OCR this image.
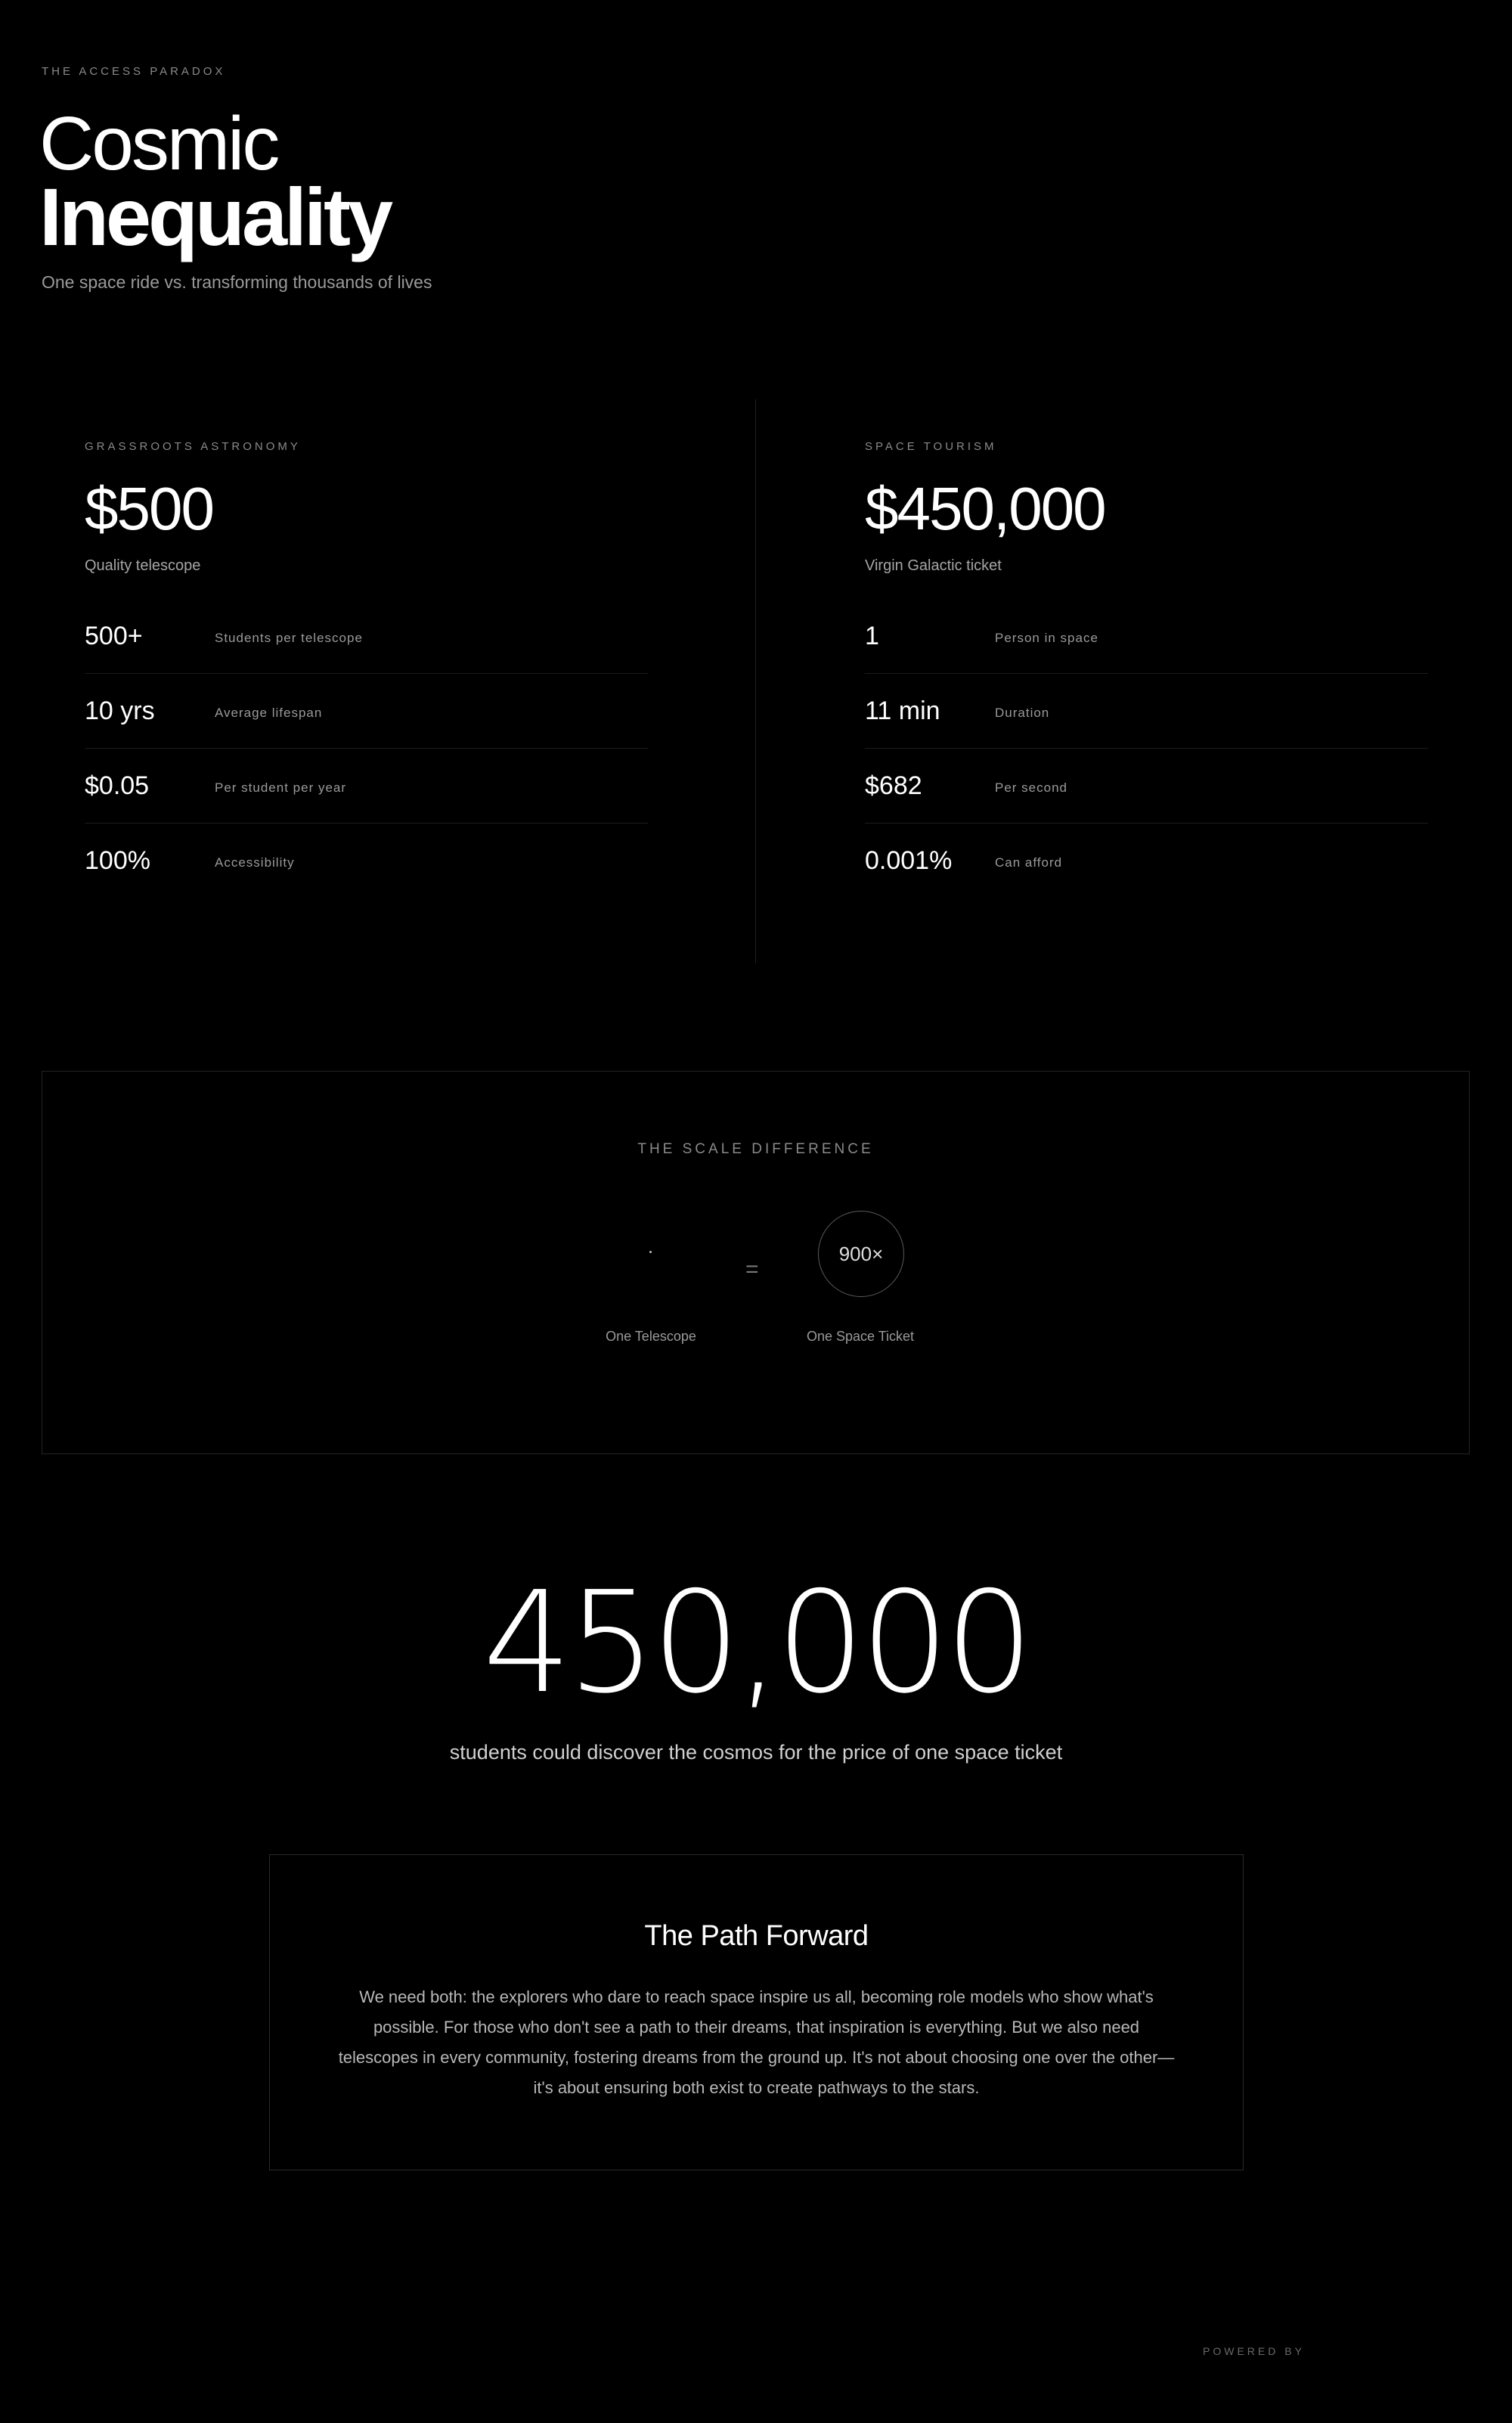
THE ACCESS PARADOX
Cosmic
Inequality
One space ride vs. transforming thousands of lives
GRASSROOTS ASTRONOMY
$500
Quality telescope
500+	Students per telescope
10 yrs	Average lifespan
$0.05	Per student per year
100%	Accessibility
SPACE TOURISM
$450,000
Virgin Galactic ticket
1	Person in space
11 min	Duration
$682	Per second
0.001%	Can afford
THE SCALE DIFFERENCE
=
900×
One Telescope	One Space Ticket
450,000
students could discover the cosmos for the price of one space ticket
The Path Forward
We need both: the explorers who dare to reach space inspire us all, becoming role models who show what's possible. For those who don't see a path to their dreams, that inspiration is everything. But we also need telescopes in every community, fostering dreams from the ground up. It's not about choosing one over the other—it's about ensuring both exist to create pathways to the stars.
POWERED BY
